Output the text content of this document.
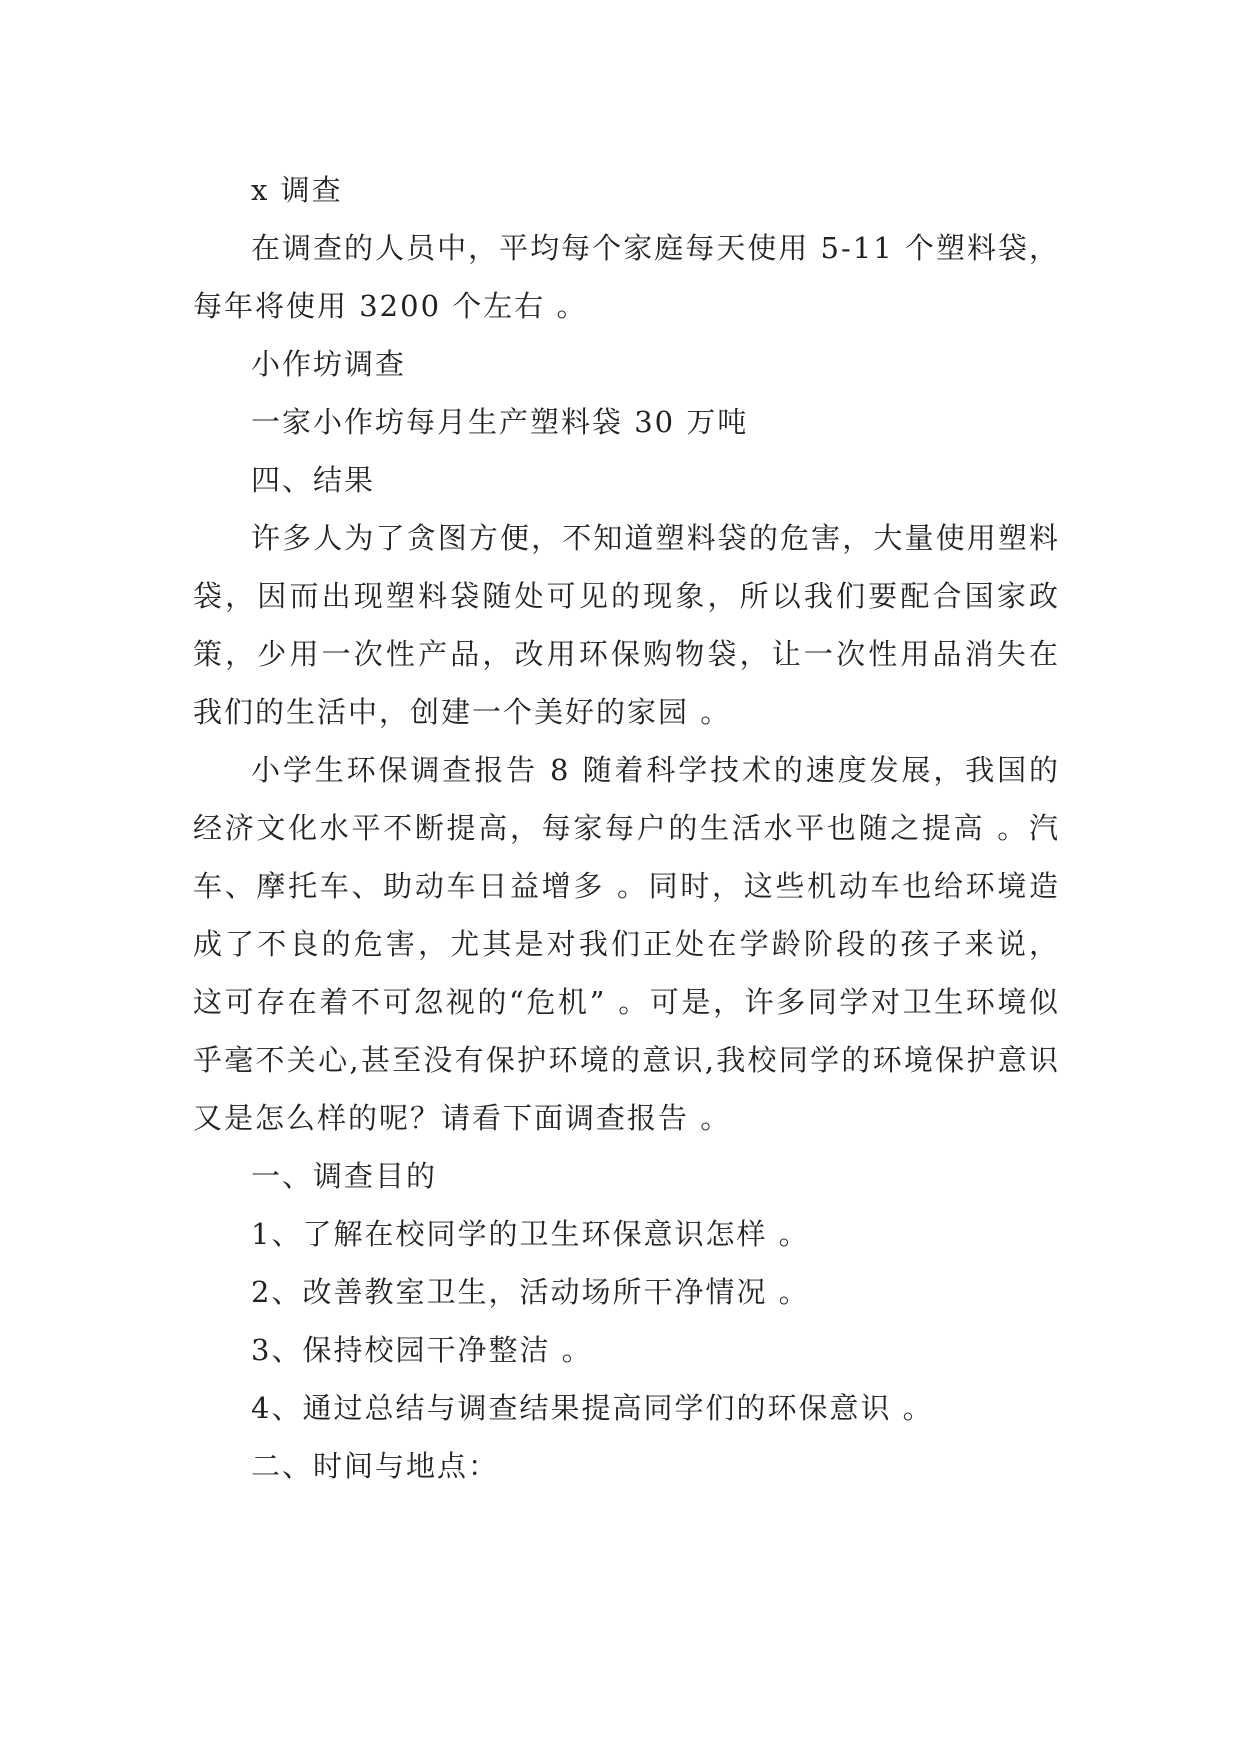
x 调查

在调查的人员中，平均每个家庭每天使用 5-11 个塑料袋，每年将使用 3200 个左右 。

小作坊调查

一家小作坊每月生产塑料袋 30 万吨

四、结果

许多人为了贪图方便，不知道塑料袋的危害，大量使用塑料袋，因而出现塑料袋随处可见的现象，所以我们要配合国家政策，少用一次性产品，改用环保购物袋，让一次性用品消失在我们的生活中，创建一个美好的家园 。

小学生环保调查报告 8 随着科学技术的速度发展，我国的经济文化水平不断提高，每家每户的生活水平也随之提高 。汽车、摩托车、助动车日益增多 。同时，这些机动车也给环境造成了不良的危害，尤其是对我们正处在学龄阶段的孩子来说，这可存在着不可忽视的“危机” 。可是，许多同学对卫生环境似乎毫不关心,甚至没有保护环境的意识,我校同学的环境保护意识又是怎么样的呢？请看下面调查报告 。

一、调查目的

1、了解在校同学的卫生环保意识怎样 。

2、改善教室卫生，活动场所干净情况 。

3、保持校园干净整洁 。

4、通过总结与调查结果提高同学们的环保意识 。

二、时间与地点：
